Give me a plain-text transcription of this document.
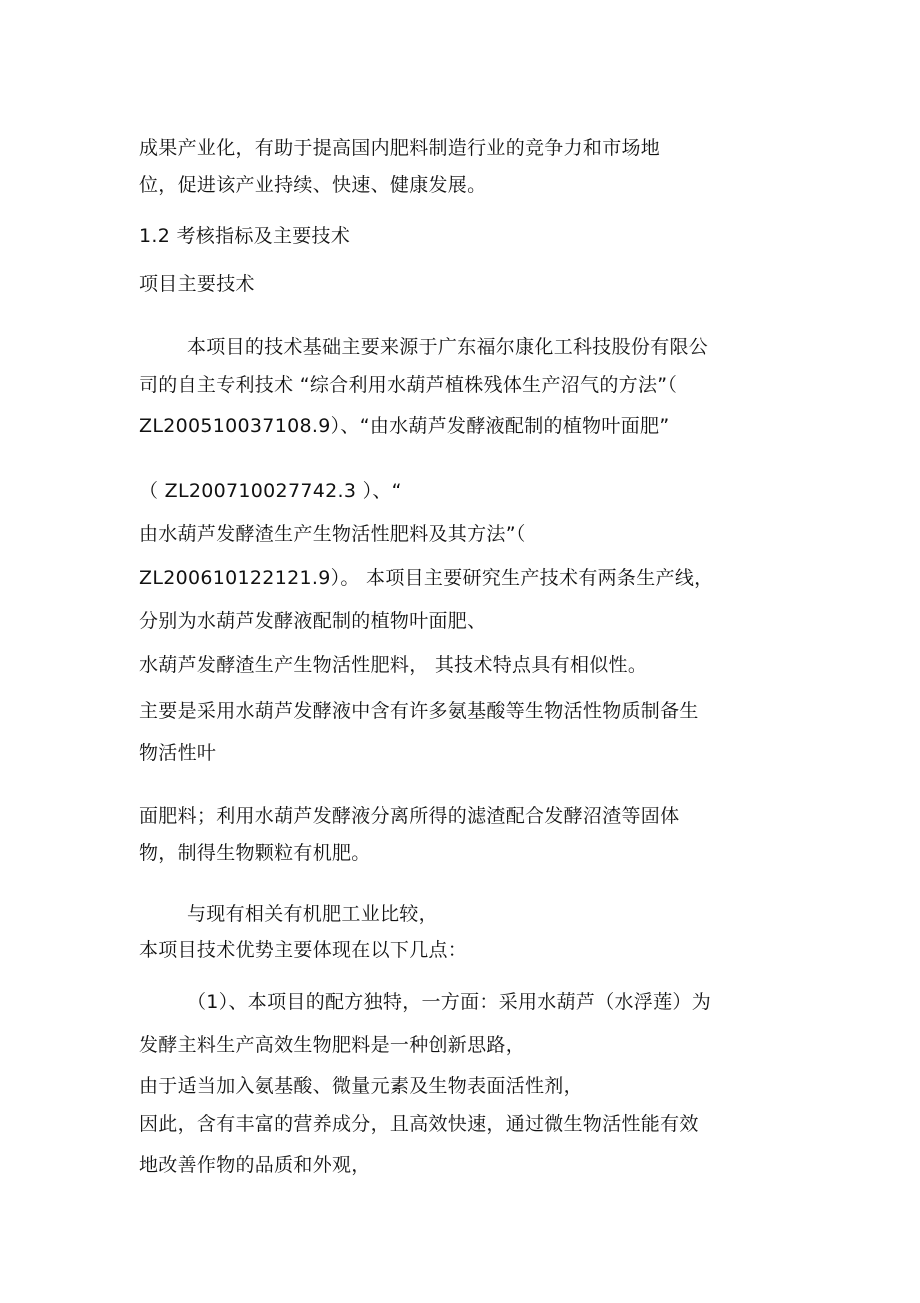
成果产业化，有助于提高国内肥料制造行业的竞争力和市场地
位，促进该产业持续、快速、健康发展。
1.2 考核指标及主要技术
项目主要技术
本项目的技术基础主要来源于广东福尔康化工科技股份有限公
司的自主专利技术 “综合利用水葫芦植株残体生产沼气的方法”（
ZL200510037108.9）、“由水葫芦发酵液配制的植物叶面肥”
（ ZL200710027742.3 ）、“
由水葫芦发酵渣生产生物活性肥料及其方法”（
ZL200610122121.9）。 本项目主要研究生产技术有两条生产线，
分别为水葫芦发酵液配制的植物叶面肥、
水葫芦发酵渣生产生物活性肥料， 其技术特点具有相似性。
主要是采用水葫芦发酵液中含有许多氨基酸等生物活性物质制备生
物活性叶
面肥料；利用水葫芦发酵液分离所得的滤渣配合发酵沼渣等固体
物，制得生物颗粒有机肥。
与现有相关有机肥工业比较，
本项目技术优势主要体现在以下几点：
（1）、本项目的配方独特，一方面：采用水葫芦（水浮莲）为
发酵主料生产高效生物肥料是一种创新思路，
由于适当加入氨基酸、微量元素及生物表面活性剂，
因此，含有丰富的营养成分，且高效快速，通过微生物活性能有效
地改善作物的品质和外观，
